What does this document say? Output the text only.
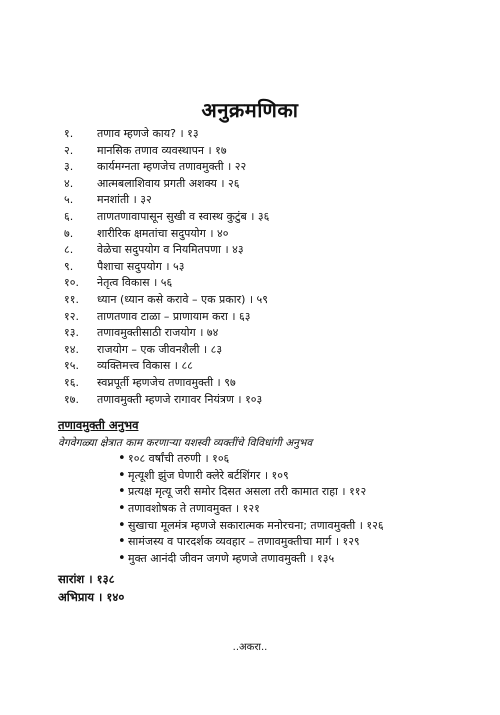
अनुक्रमणिका
१.	तणाव म्हणजे काय? । १३
२.	मानसिक तणाव व्यवस्थापन । १७
३.	कार्यमग्नता म्हणजेच तणावमुक्ती । २२
४.	आत्मबलाशिवाय प्रगती अशक्य । २६
५.	मनशांती । ३२
६.	ताणतणावापासून सुखी व स्वास्थ कुटुंब । ३६
७.	शारीरिक क्षमतांचा सदुपयोग । ४०
८.	वेळेचा सदुपयोग व नियमितपणा । ४३
९.	पैशाचा सदुपयोग । ५३
१०.	नेतृत्व विकास । ५६
११.	ध्यान (ध्यान कसे करावे – एक प्रकार) । ५९
१२.	ताणतणाव टाळा – प्राणायाम करा । ६३
१३.	तणावमुक्तीसाठी राजयोग । ७४
१४.	राजयोग – एक जीवनशैली । ८३
१५.	व्यक्तिमत्त्व विकास । ८८
१६.	स्वप्नपूर्ती म्हणजेच तणावमुक्ती । ९७
१७.	तणावमुक्ती म्हणजे रागावर नियंत्रण । १०३
तणावमुक्ती अनुभव
वेगवेगळ्या क्षेत्रात काम करणाऱ्या यशस्वी व्यक्तींचे विविधांगी अनुभव
• १०८ वर्षांची तरुणी । १०६
• मृत्यूशी झुंज घेणारी क्लेरे बर्टशिंगर । १०९
• प्रत्यक्ष मृत्यू जरी समोर दिसत असला तरी कामात राहा । ११२
• तणावशोषक ते तणावमुक्त । १२१
• सुखाचा मूलमंत्र म्हणजे सकारात्मक मनोरचना; तणावमुक्ती । १२६
• सामंजस्य व पारदर्शक व्यवहार – तणावमुक्तीचा मार्ग । १२९
• मुक्त आनंदी जीवन जगणे म्हणजे तणावमुक्ती । १३५
सारांश । १३८
अभिप्राय । १४०
..अकरा..
